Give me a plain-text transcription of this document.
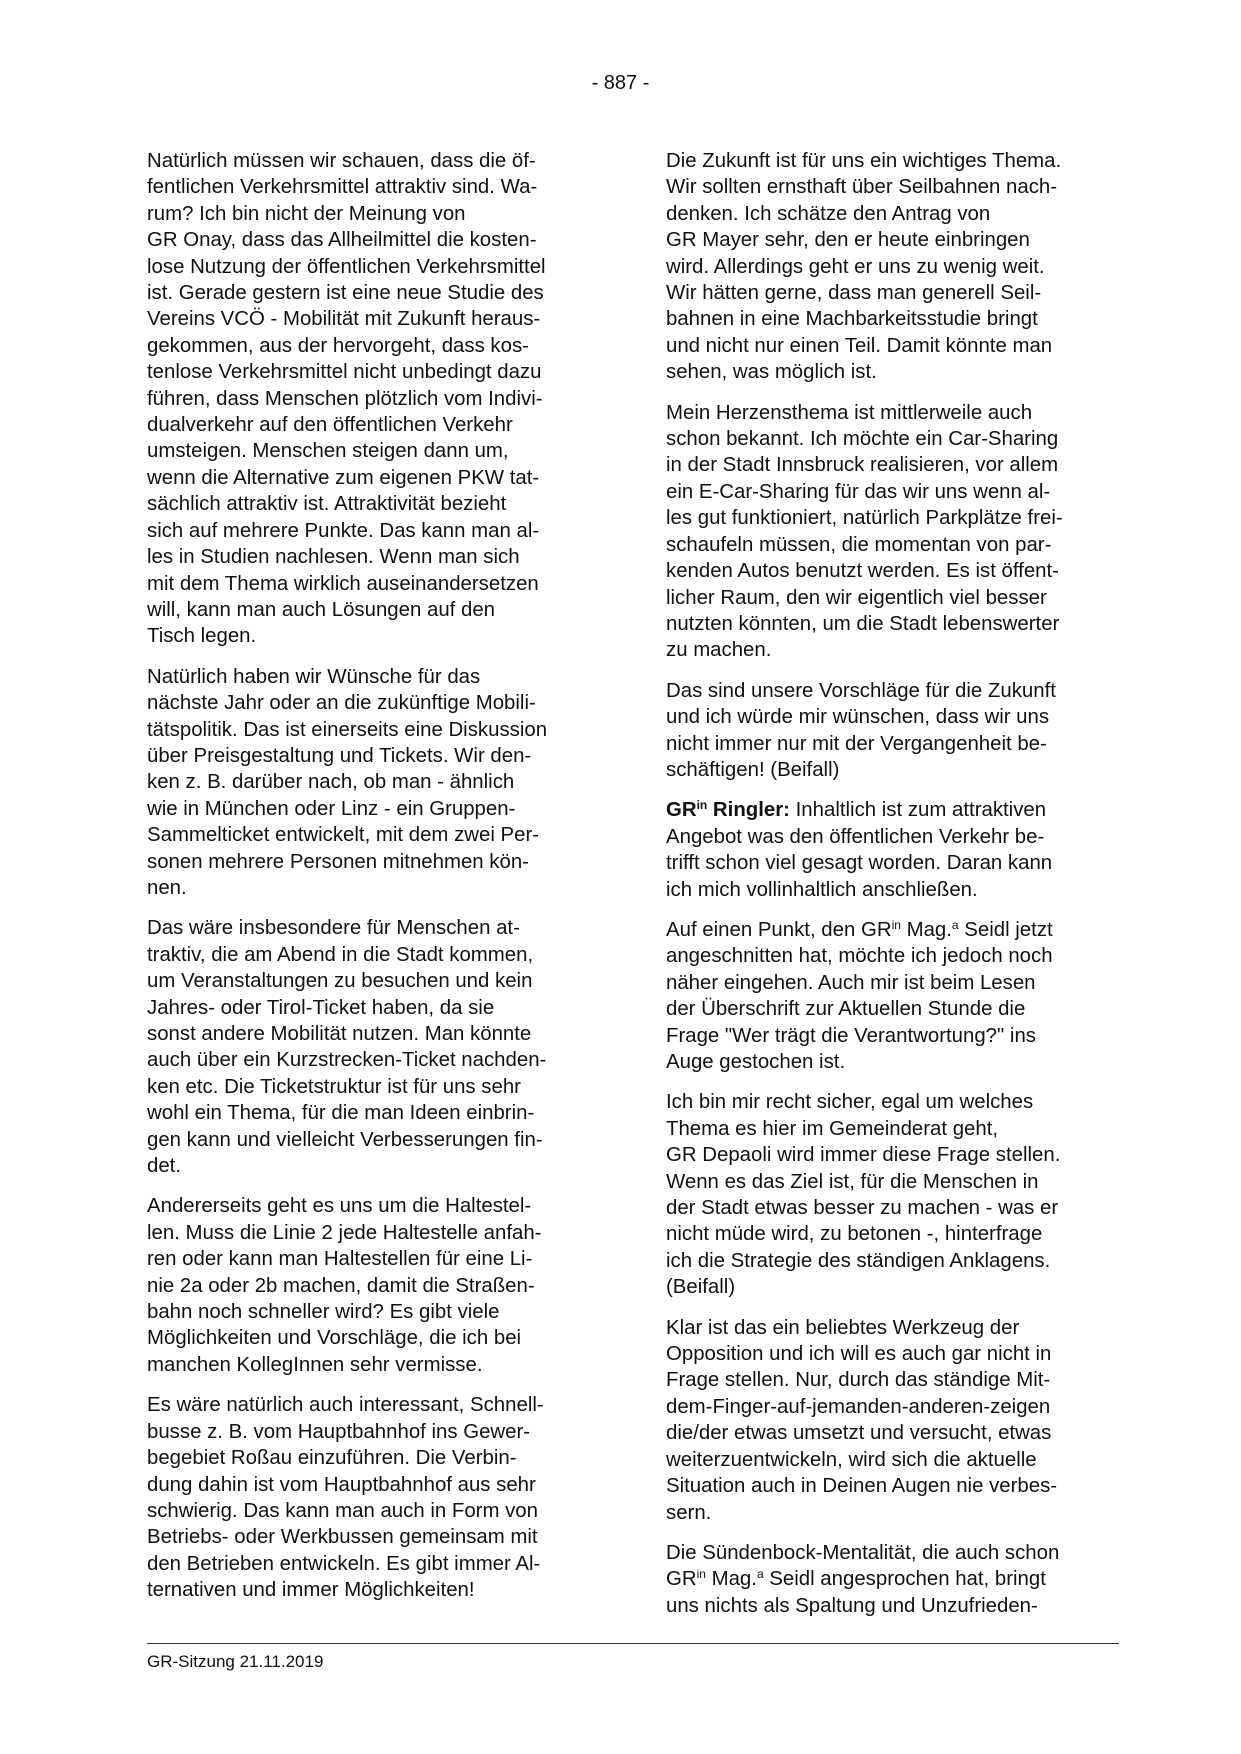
- 887 -

Natürlich müssen wir schauen, dass die öf-
fentlichen Verkehrsmittel attraktiv sind. Wa-
rum? Ich bin nicht der Meinung von
GR Onay, dass das Allheilmittel die kosten-
lose Nutzung der öffentlichen Verkehrsmittel
ist. Gerade gestern ist eine neue Studie des
Vereins VCÖ - Mobilität mit Zukunft heraus-
gekommen, aus der hervorgeht, dass kos-
tenlose Verkehrsmittel nicht unbedingt dazu
führen, dass Menschen plötzlich vom Indivi-
dualverkehr auf den öffentlichen Verkehr
umsteigen. Menschen steigen dann um,
wenn die Alternative zum eigenen PKW tat-
sächlich attraktiv ist. Attraktivität bezieht
sich auf mehrere Punkte. Das kann man al-
les in Studien nachlesen. Wenn man sich
mit dem Thema wirklich auseinandersetzen
will, kann man auch Lösungen auf den
Tisch legen.

Natürlich haben wir Wünsche für das
nächste Jahr oder an die zukünftige Mobili-
tätspolitik. Das ist einerseits eine Diskussion
über Preisgestaltung und Tickets. Wir den-
ken z. B. darüber nach, ob man - ähnlich
wie in München oder Linz - ein Gruppen-
Sammelticket entwickelt, mit dem zwei Per-
sonen mehrere Personen mitnehmen kön-
nen.

Das wäre insbesondere für Menschen at-
traktiv, die am Abend in die Stadt kommen,
um Veranstaltungen zu besuchen und kein
Jahres- oder Tirol-Ticket haben, da sie
sonst andere Mobilität nutzen. Man könnte
auch über ein Kurzstrecken-Ticket nachden-
ken etc. Die Ticketstruktur ist für uns sehr
wohl ein Thema, für die man Ideen einbrin-
gen kann und vielleicht Verbesserungen fin-
det.

Andererseits geht es uns um die Haltestel-
len. Muss die Linie 2 jede Haltestelle anfah-
ren oder kann man Haltestellen für eine Li-
nie 2a oder 2b machen, damit die Straßen-
bahn noch schneller wird? Es gibt viele
Möglichkeiten und Vorschläge, die ich bei
manchen KollegInnen sehr vermisse.

Es wäre natürlich auch interessant, Schnell-
busse z. B. vom Hauptbahnhof ins Gewer-
begebiet Roßau einzuführen. Die Verbin-
dung dahin ist vom Hauptbahnhof aus sehr
schwierig. Das kann man auch in Form von
Betriebs- oder Werkbussen gemeinsam mit
den Betrieben entwickeln. Es gibt immer Al-
ternativen und immer Möglichkeiten!

Die Zukunft ist für uns ein wichtiges Thema.
Wir sollten ernsthaft über Seilbahnen nach-
denken. Ich schätze den Antrag von
GR Mayer sehr, den er heute einbringen
wird. Allerdings geht er uns zu wenig weit.
Wir hätten gerne, dass man generell Seil-
bahnen in eine Machbarkeitsstudie bringt
und nicht nur einen Teil. Damit könnte man
sehen, was möglich ist.

Mein Herzensthema ist mittlerweile auch
schon bekannt. Ich möchte ein Car-Sharing
in der Stadt Innsbruck realisieren, vor allem
ein E-Car-Sharing für das wir uns wenn al-
les gut funktioniert, natürlich Parkplätze frei-
schaufeln müssen, die momentan von par-
kenden Autos benutzt werden. Es ist öffent-
licher Raum, den wir eigentlich viel besser
nutzten könnten, um die Stadt lebenswerter
zu machen.

Das sind unsere Vorschläge für die Zukunft
und ich würde mir wünschen, dass wir uns
nicht immer nur mit der Vergangenheit be-
schäftigen! (Beifall)

$GR^{in}$ Ringler: Inhaltlich ist zum attraktiven
Angebot was den öffentlichen Verkehr be-
trifft schon viel gesagt worden. Daran kann
ich mich vollinhaltlich anschließen.

Auf einen Punkt, den $GR^{in}$ Mag.$^a$ Seidl jetzt
angeschnitten hat, möchte ich jedoch noch
näher eingehen. Auch mir ist beim Lesen
der Überschrift zur Aktuellen Stunde die
Frage "Wer trägt die Verantwortung?" ins
Auge gestochen ist.

Ich bin mir recht sicher, egal um welches
Thema es hier im Gemeinderat geht,
GR Depaoli wird immer diese Frage stellen.
Wenn es das Ziel ist, für die Menschen in
der Stadt etwas besser zu machen - was er
nicht müde wird, zu betonen -, hinterfrage
ich die Strategie des ständigen Anklagens.
(Beifall)

Klar ist das ein beliebtes Werkzeug der
Opposition und ich will es auch gar nicht in
Frage stellen. Nur, durch das ständige Mit-
dem-Finger-auf-jemanden-anderen-zeigen
die/der etwas umsetzt und versucht, etwas
weiterzuentwickeln, wird sich die aktuelle
Situation auch in Deinen Augen nie verbes-
sern.

Die Sündenbock-Mentalität, die auch schon
$GR^{in}$ Mag.$^a$ Seidl angesprochen hat, bringt
uns nichts als Spaltung und Unzufrieden-

GR-Sitzung 21.11.2019
